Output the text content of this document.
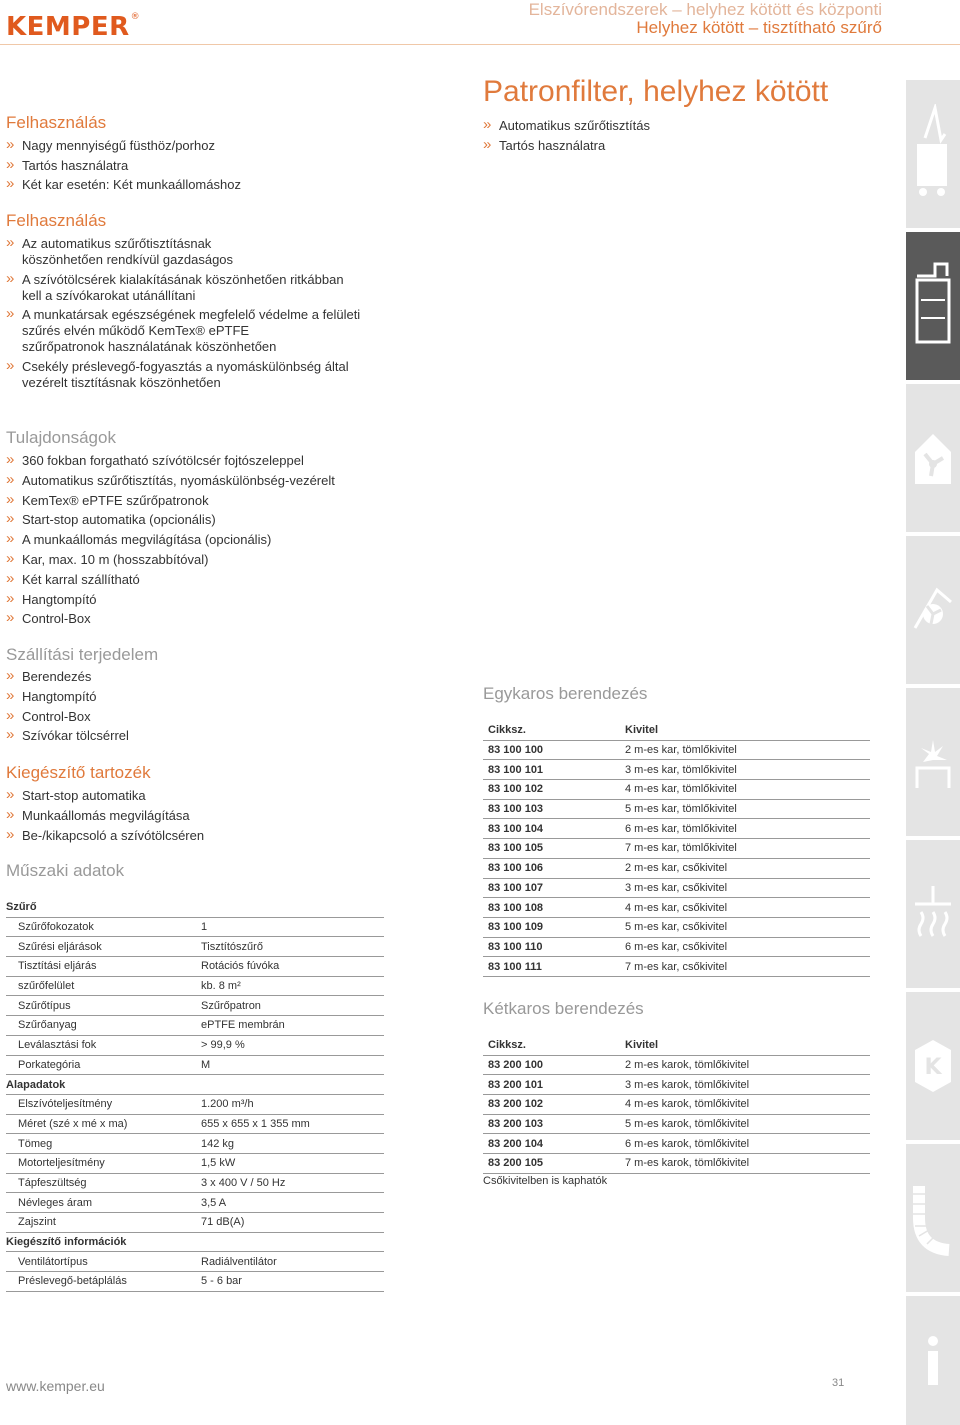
KEMPER®	Elszívórendszerek – helyhez kötött és központi
Helyhez kötött – tisztítható szűrő
Patronfilter, helyhez kötött
» Automatikus szűrőtisztítás
» Tartós használatra
Felhasználás
» Nagy mennyiségű füsthöz/porhoz
» Tartós használatra
» Két kar esetén: Két munkaállomáshoz
Felhasználás
» Az automatikus szűrőtisztításnak
köszönhetően rendkívül gazdaságos
» A szívótölcsérek kialakításának köszönhetően ritkábban
kell a szívókarokat utánállítani
» A munkatársak egészségének megfelelő védelme a felületi
szűrés elvén működő KemTex® ePTFE
szűrőpatronok használatának köszönhetően
» Csekély préslevegő-fogyasztás a nyomáskülönbség által
vezérelt tisztításnak köszönhetően
Tulajdonságok
» 360 fokban forgatható szívótölcsér fojtószeleppel
» Automatikus szűrőtisztítás, nyomáskülönbség-vezérelt
» KemTex® ePTFE szűrőpatronok
» Start-stop automatika (opcionális)
» A munkaállomás megvilágítása (opcionális)
» Kar, max. 10 m (hosszabbítóval)
» Két karral szállítható
» Hangtompító
» Control-Box
Szállítási terjedelem
» Berendezés
» Hangtompító
» Control-Box
» Szívókar tölcsérrel
Kiegészítő tartozék
» Start-stop automatika
» Munkaállomás megvilágítása
» Be-/kikapcsoló a szívótölcséren
Műszaki adatok
Szűrő	
Szűrőfokozatok	1
Szűrési eljárások	Tisztítószűrő
Tisztítási eljárás	Rotációs fúvóka
szűrőfelület	kb. 8 m²
Szűrőtípus	Szűrőpatron
Szűrőanyag	ePTFE membrán
Leválasztási fok	> 99,9 %
Porkategória	M
Alapadatok	
Elszívóteljesítmény	1.200 m³/h
Méret (szé x mé x ma)	655 x 655 x 1 355 mm
Tömeg	142 kg
Motorteljesítmény	1,5 kW
Tápfeszültség	3 x 400 V / 50 Hz
Névleges áram	3,5 A
Zajszint	71 dB(A)
Kiegészítő információk	
Ventilátortípus	Radiálventilátor
Préslevegő-betáplálás	5 - 6 bar
Egykaros berendezés
Cikksz.	Kivitel
83 100 100	2 m-es kar, tömlőkivitel
83 100 101	3 m-es kar, tömlőkivitel
83 100 102	4 m-es kar, tömlőkivitel
83 100 103	5 m-es kar, tömlőkivitel
83 100 104	6 m-es kar, tömlőkivitel
83 100 105	7 m-es kar, tömlőkivitel
83 100 106	2 m-es kar, csőkivitel
83 100 107	3 m-es kar, csőkivitel
83 100 108	4 m-es kar, csőkivitel
83 100 109	5 m-es kar, csőkivitel
83 100 110	6 m-es kar, csőkivitel
83 100 111	7 m-es kar, csőkivitel
Kétkaros berendezés
Cikksz.	Kivitel
83 200 100	2 m-es karok, tömlőkivitel
83 200 101	3 m-es karok, tömlőkivitel
83 200 102	4 m-es karok, tömlőkivitel
83 200 103	5 m-es karok, tömlőkivitel
83 200 104	6 m-es karok, tömlőkivitel
83 200 105	7 m-es karok, tömlőkivitel
Csőkivitelben is kaphatók
www.kemper.eu	31
K
